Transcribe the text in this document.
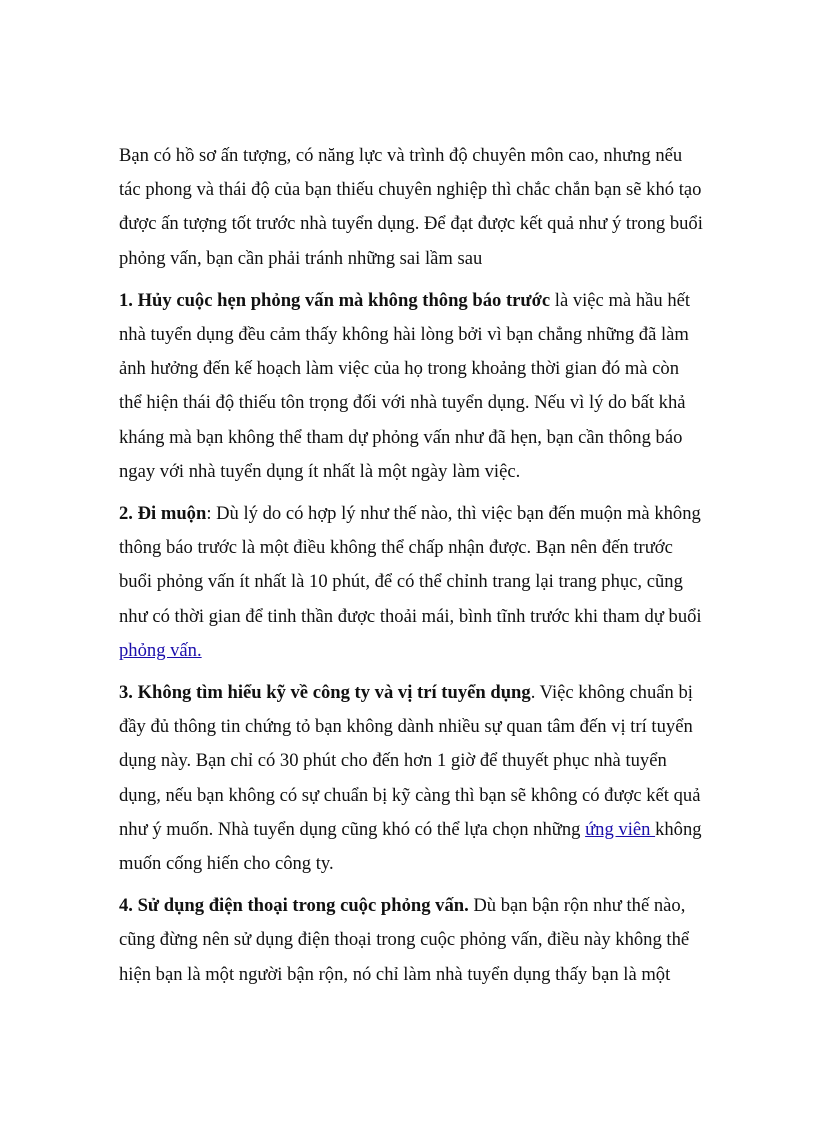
Bạn có hồ sơ ấn tượng, có năng lực và trình độ chuyên môn cao, nhưng nếu tác phong và thái độ của bạn thiếu chuyên nghiệp thì chắc chắn bạn sẽ khó tạo được ấn tượng tốt trước nhà tuyển dụng. Để đạt được kết quả như ý trong buổi phỏng vấn, bạn cần phải tránh những sai lầm sau

1. Hủy cuộc hẹn phỏng vấn mà không thông báo trước là việc mà hầu hết nhà tuyển dụng đều cảm thấy không hài lòng bởi vì bạn chẳng những đã làm ảnh hưởng đến kế hoạch làm việc của họ trong khoảng thời gian đó mà còn thể hiện thái độ thiếu tôn trọng đối với nhà tuyển dụng. Nếu vì lý do bất khả kháng mà bạn không thể tham dự phỏng vấn như đã hẹn, bạn cần thông báo ngay với nhà tuyển dụng ít nhất là một ngày làm việc.

2. Đi muộn: Dù lý do có hợp lý như thế nào, thì việc bạn đến muộn mà không thông báo trước là một điều không thể chấp nhận được. Bạn nên đến trước buổi phỏng vấn ít nhất là 10 phút, để có thể chỉnh trang lại trang phục, cũng như có thời gian để tinh thần được thoải mái, bình tĩnh trước khi tham dự buổi phỏng vấn.

3. Không tìm hiểu kỹ về công ty và vị trí tuyển dụng. Việc không chuẩn bị đầy đủ thông tin chứng tỏ bạn không dành nhiều sự quan tâm đến vị trí tuyển dụng này. Bạn chỉ có 30 phút cho đến hơn 1 giờ để thuyết phục nhà tuyển dụng, nếu bạn không có sự chuẩn bị kỹ càng thì bạn sẽ không có được kết quả như ý muốn. Nhà tuyển dụng cũng khó có thể lựa chọn những ứng viên không muốn cống hiến cho công ty.

4. Sử dụng điện thoại trong cuộc phỏng vấn. Dù bạn bận rộn như thế nào, cũng đừng nên sử dụng điện thoại trong cuộc phỏng vấn, điều này không thể hiện bạn là một người bận rộn, nó chỉ làm nhà tuyển dụng thấy bạn là một
